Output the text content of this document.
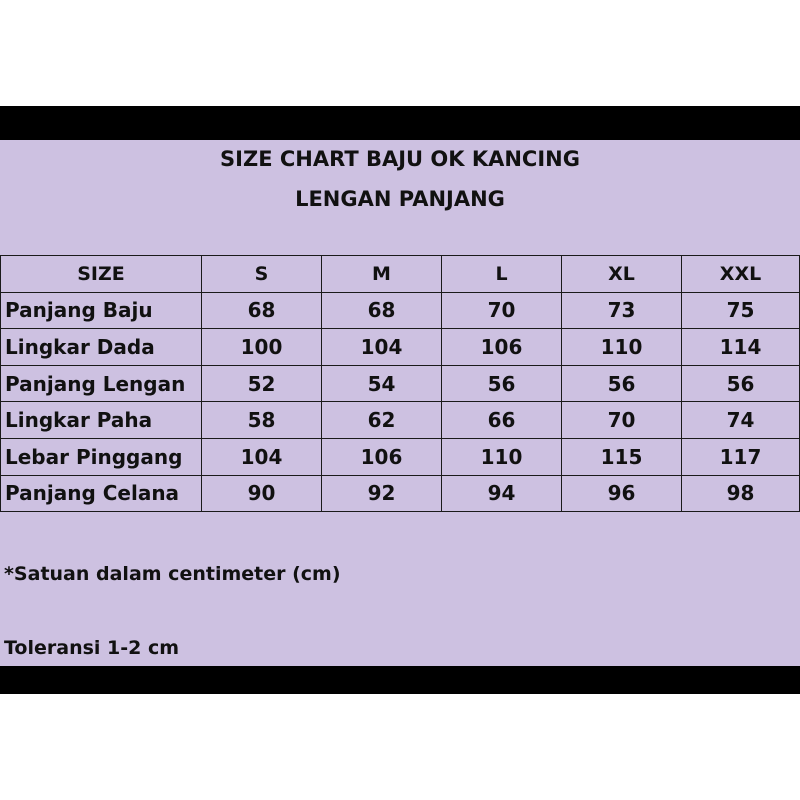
SIZE CHART BAJU OK KANCING
LENGAN PANJANG
SIZE	S	M	L	XL	XXL
Panjang Baju	68	68	70	73	75
Lingkar Dada	100	104	106	110	114
Panjang Lengan	52	54	56	56	56
Lingkar Paha	58	62	66	70	74
Lebar Pinggang	104	106	110	115	117
Panjang Celana	90	92	94	96	98
*Satuan dalam centimeter (cm)
Toleransi 1-2 cm
